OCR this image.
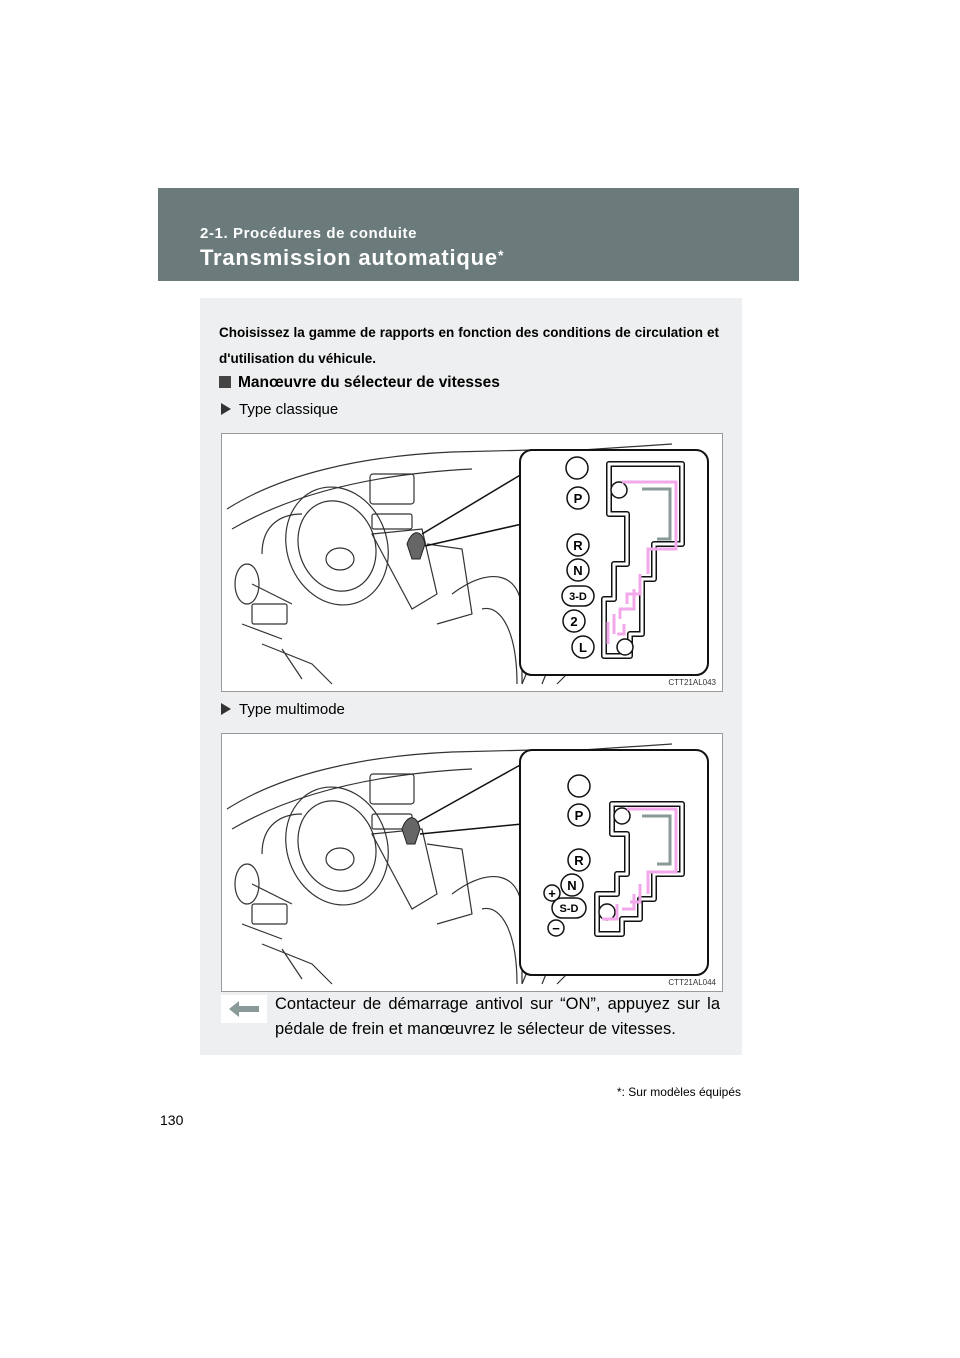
2-1. Procédures de conduite
Transmission automatique*
Choisissez la gamme de rapports en fonction des conditions de circulation et d'utilisation du véhicule.
Manœuvre du sélecteur de vitesses
Type classique
P
R
N
3-D
2
L
CTT21AL043
Type multimode
P
R
N
S-D
+
−
CTT21AL044
Contacteur de démarrage antivol sur “ON”, appuyez sur la pédale de frein et manœuvrez le sélecteur de vitesses.
*: Sur modèles équipés
130
